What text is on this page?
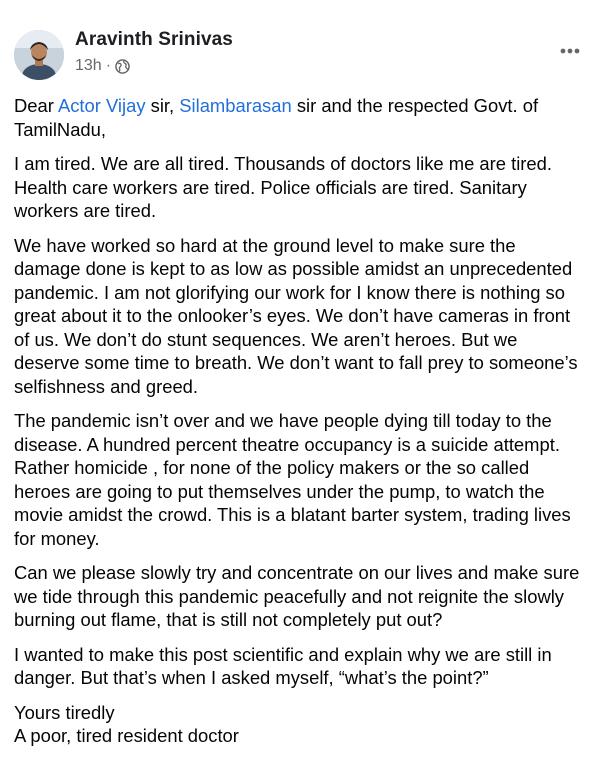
Aravinth Srinivas
13h ·

Dear Actor Vijay sir, Silambarasan sir and the respected Govt. of TamilNadu,

I am tired. We are all tired. Thousands of doctors like me are tired. Health care workers are tired. Police officials are tired. Sanitary workers are tired.

We have worked so hard at the ground level to make sure the damage done is kept to as low as possible amidst an unprecedented pandemic. I am not glorifying our work for I know there is nothing so great about it to the onlooker’s eyes. We don’t have cameras in front of us. We don’t do stunt sequences. We aren’t heroes. But we deserve some time to breath. We don’t want to fall prey to someone’s selfishness and greed.

The pandemic isn’t over and we have people dying till today to the disease. A hundred percent theatre occupancy is a suicide attempt. Rather homicide , for none of the policy makers or the so called heroes are going to put themselves under the pump, to watch the movie amidst the crowd. This is a blatant barter system, trading lives for money.

Can we please slowly try and concentrate on our lives and make sure we tide through this pandemic peacefully and not reignite the slowly burning out flame, that is still not completely put out?

I wanted to make this post scientific and explain why we are still in danger. But that’s when I asked myself, “what’s the point?”

Yours tiredly

A poor, tired resident doctor
